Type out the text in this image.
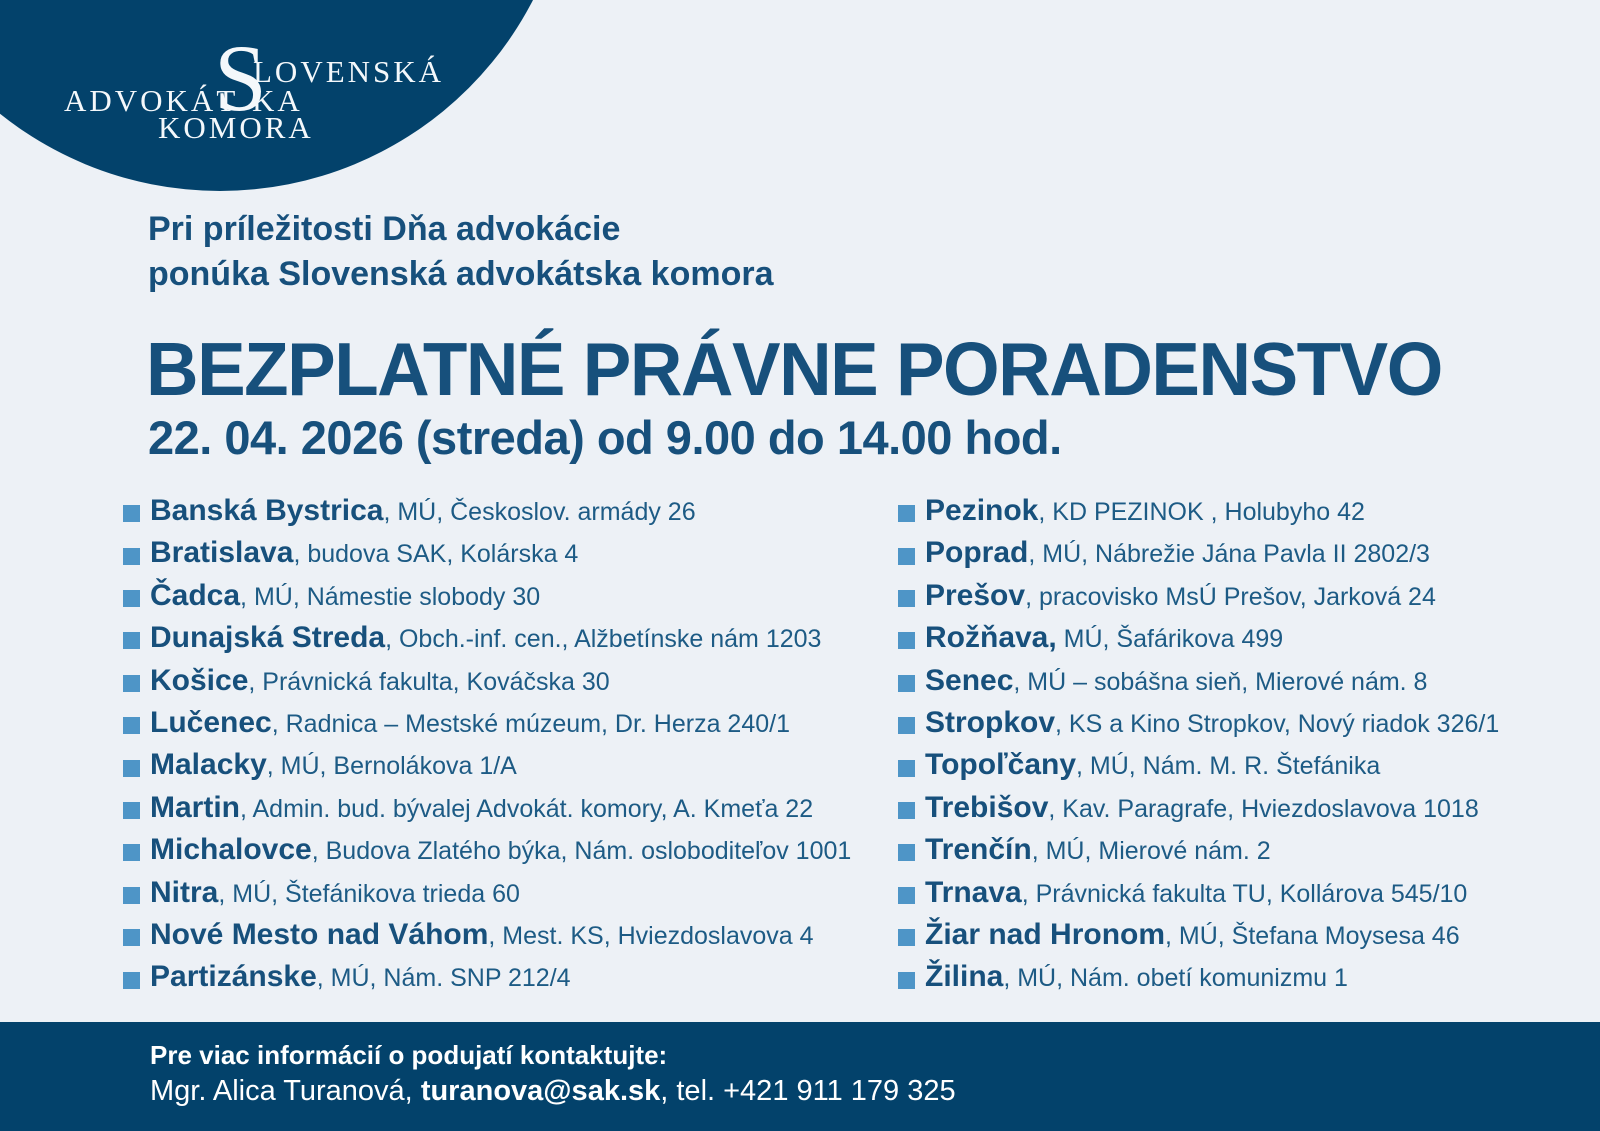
S
LOVENSKÁ
ADVOKÁT KA
KOMORA
Pri príležitosti Dňa advokácie
ponúka Slovenská advokátska komora
BEZPLATNÉ PRÁVNE PORADENSTVO
22. 04. 2026 (streda) od 9.00 do 14.00 hod.
Banská Bystrica, MÚ, Českoslov. armády 26
Bratislava, budova SAK, Kolárska 4
Čadca, MÚ, Námestie slobody 30
Dunajská Streda, Obch.-inf. cen., Alžbetínske nám 1203
Košice, Právnická fakulta, Kováčska 30
Lučenec, Radnica – Mestské múzeum, Dr. Herza 240/1
Malacky, MÚ, Bernolákova 1/A
Martin, Admin. bud. bývalej Advokát. komory, A. Kmeťa 22
Michalovce, Budova Zlatého býka, Nám. osloboditeľov 1001
Nitra, MÚ, Štefánikova trieda 60
Nové Mesto nad Váhom, Mest. KS, Hviezdoslavova 4
Partizánske, MÚ, Nám. SNP 212/4
Pezinok, KD PEZINOK , Holubyho 42
Poprad, MÚ, Nábrežie Jána Pavla II 2802/3
Prešov, pracovisko MsÚ Prešov, Jarková 24
Rožňava, MÚ, Šafárikova 499
Senec, MÚ – sobášna sieň, Mierové nám. 8
Stropkov, KS a Kino Stropkov, Nový riadok 326/1
Topoľčany, MÚ, Nám. M. R. Štefánika
Trebišov, Kav. Paragrafe, Hviezdoslavova 1018
Trenčín, MÚ, Mierové nám. 2
Trnava, Právnická fakulta TU, Kollárova 545/10
Žiar nad Hronom, MÚ, Štefana Moysesa 46
Žilina, MÚ, Nám. obetí komunizmu 1
Pre viac informácií o podujatí kontaktujte:
Mgr. Alica Turanová, turanova@sak.sk, tel. +421 911 179 325
